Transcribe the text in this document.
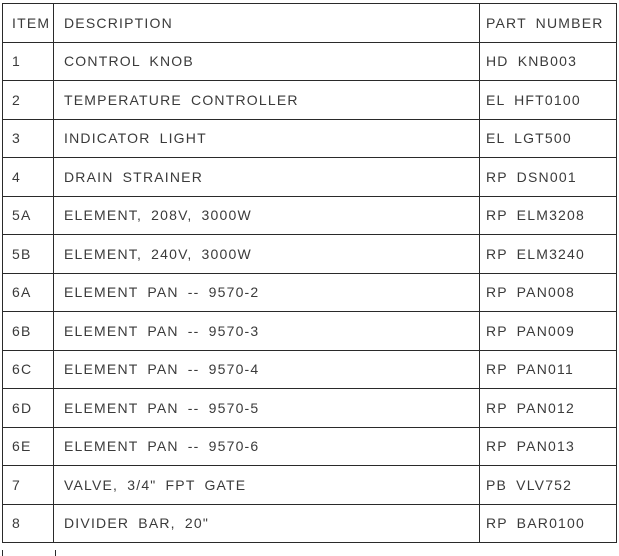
ITEM	DESCRIPTION	PART NUMBER
1	CONTROL KNOB	HD KNB003
2	TEMPERATURE CONTROLLER	EL HFT0100
3	INDICATOR LIGHT	EL LGT500
4	DRAIN STRAINER	RP DSN001
5A	ELEMENT, 208V, 3000W	RP ELM3208
5B	ELEMENT, 240V, 3000W	RP ELM3240
6A	ELEMENT PAN -- 9570-2	RP PAN008
6B	ELEMENT PAN -- 9570-3	RP PAN009
6C	ELEMENT PAN -- 9570-4	RP PAN011
6D	ELEMENT PAN -- 9570-5	RP PAN012
6E	ELEMENT PAN -- 9570-6	RP PAN013
7	VALVE, 3/4" FPT GATE	PB VLV752
8	DIVIDER BAR, 20"	RP BAR0100
